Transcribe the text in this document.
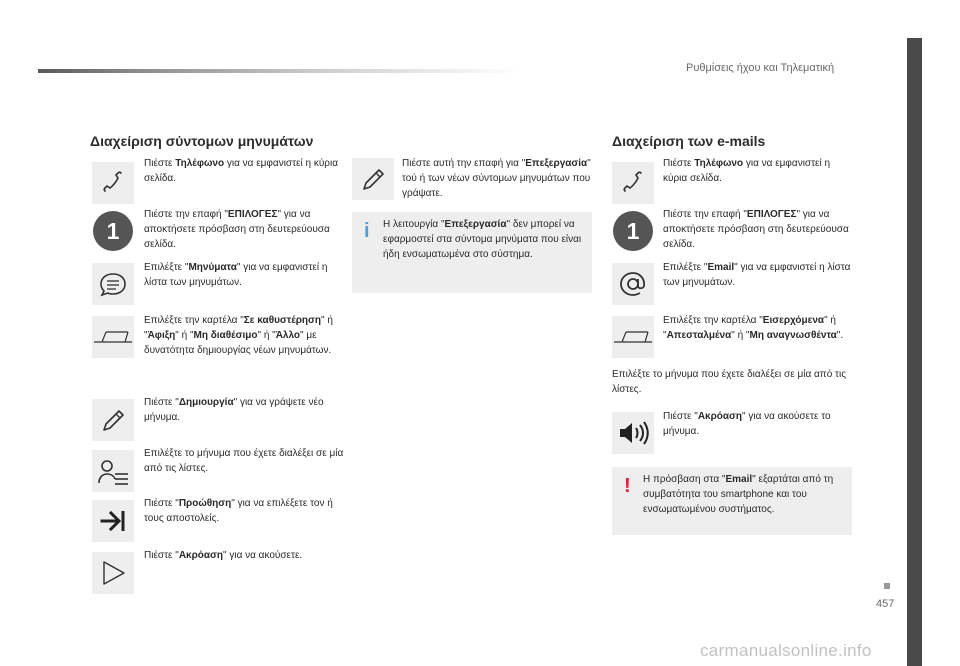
Ρυθμίσεις ήχου και Τηλεματική
457
carmanualsonline.info
Διαχείριση σύντομων μηνυμάτων
Πιέστε Τηλέφωνο για να εμφανιστεί η κύρια σελίδα.
1
Πιέστε την επαφή "ΕΠΙΛΟΓΕΣ" για να αποκτήσετε πρόσβαση στη δευτερεύουσα σελίδα.
Επιλέξτε "Μηνύματα" για να εμφανιστεί η λίστα των μηνυμάτων.
Επιλέξτε την καρτέλα "Σε καθυστέρηση" ή "Άφιξη" ή "Μη διαθέσιμο" ή "Άλλο" με δυνατότητα δημιουργίας νέων μηνυμάτων.
Πιέστε "Δημιουργία" για να γράψετε νέο μήνυμα.
Επιλέξτε το μήνυμα που έχετε διαλέξει σε μία από τις λίστες.
Πιέστε "Προώθηση" για να επιλέξετε τον ή τους αποστολείς.
Πιέστε "Ακρόαση" για να ακούσετε.
Πιέστε αυτή την επαφή για "Επεξεργασία" τού ή των νέων σύντομων μηνυμάτων που γράψατε.
i Η λειτουργία "Επεξεργασία" δεν μπορεί να εφαρμοστεί στα σύντομα μηνύματα που είναι ήδη ενσωματωμένα στο σύστημα.
Διαχείριση των e-mails
Πιέστε Τηλέφωνο για να εμφανιστεί η κύρια σελίδα.
1
Πιέστε την επαφή "ΕΠΙΛΟΓΕΣ" για να αποκτήσετε πρόσβαση στη δευτερεύουσα σελίδα.
Επιλέξτε "Email" για να εμφανιστεί η λίστα των μηνυμάτων.
Επιλέξτε την καρτέλα "Εισερχόμενα" ή "Απεσταλμένα" ή "Μη αναγνωσθέντα".
Επιλέξτε το μήνυμα που έχετε διαλέξει σε μία από τις λίστες.
Πιέστε "Ακρόαση" για να ακούσετε το μήνυμα.
! Η πρόσβαση στα "Email" εξαρτάται από τη συμβατότητα του smartphone και του ενσωματωμένου συστήματος.
